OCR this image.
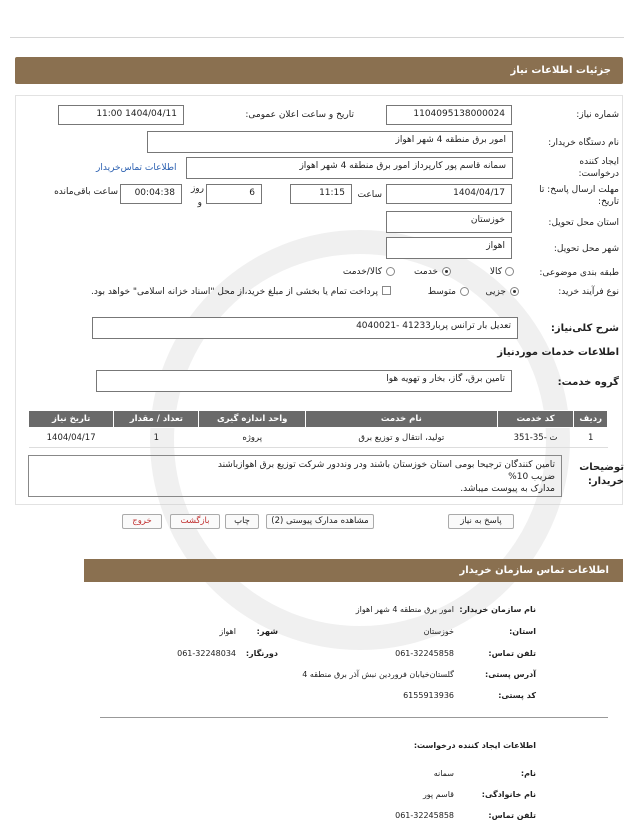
جزئیات اطلاعات نیاز
شماره نیاز:
1104095138000024
تاریخ و ساعت اعلان عمومی:
1404/04/11 11:00
نام دستگاه خریدار:
امور برق منطقه 4 شهر اهواز
ایجاد کننده
درخواست:
سمانه قاسم پور کارپرداز امور برق منطقه 4 شهر اهواز
اطلاعات تماس‌خریدار
مهلت ارسال پاسخ: تا
تاریخ:
1404/04/17
ساعت
11:15
6
روز
و
00:04:38
ساعت باقی‌مانده
استان محل تحویل:
خوزستان
شهر محل تحویل:
اهواز
طبقه بندی موضوعی:
کالا
خدمت
کالا/خدمت
نوع فرآیند خرید:
جزیی
متوسط
پرداخت تمام یا بخشی از مبلغ خرید،از محل "اسناد خزانه اسلامی" خواهد بود.
شرح کلی‌نیاز:
تعدیل بار ترانس پربار41233 -4040021
اطلاعات خدمات موردنیاز
گروه خدمت:
تامین برق، گاز، بخار و تهویه هوا
ردیف	کد خدمت	نام خدمت	واحد اندازه گیری	تعداد / مقدار	تاریخ نیاز
1	ت -35-351	تولید، انتقال و توزیع برق	پروژه	1	1404/04/17
توضیحات
خریدار:
تامین کنندگان ترجیحا بومی استان خوزستان باشند ودر ونددور شرکت توزیع برق اهوازباشند
ضریب 10%
مدارک به پیوست میباشد.
پاسخ به نیاز
مشاهده مدارک پیوستی (2)
چاپ
بازگشت
خروج
اطلاعات تماس سازمان خریدار
نام سازمان خریدار:
امور برق منطقه 4 شهر اهواز
استان:
خوزستان
شهر:
اهواز
تلفن تماس:
061-32245858
دورنگار:
061-32248034
آدرس پستی:
گلستان‌خیابان فروردین نبش آذر برق منطقه 4
کد پستی:
6155913936
اطلاعات ایجاد کننده درخواست:
نام:
سمانه
نام خانوادگی:
قاسم پور
تلفن تماس:
061-32245858
